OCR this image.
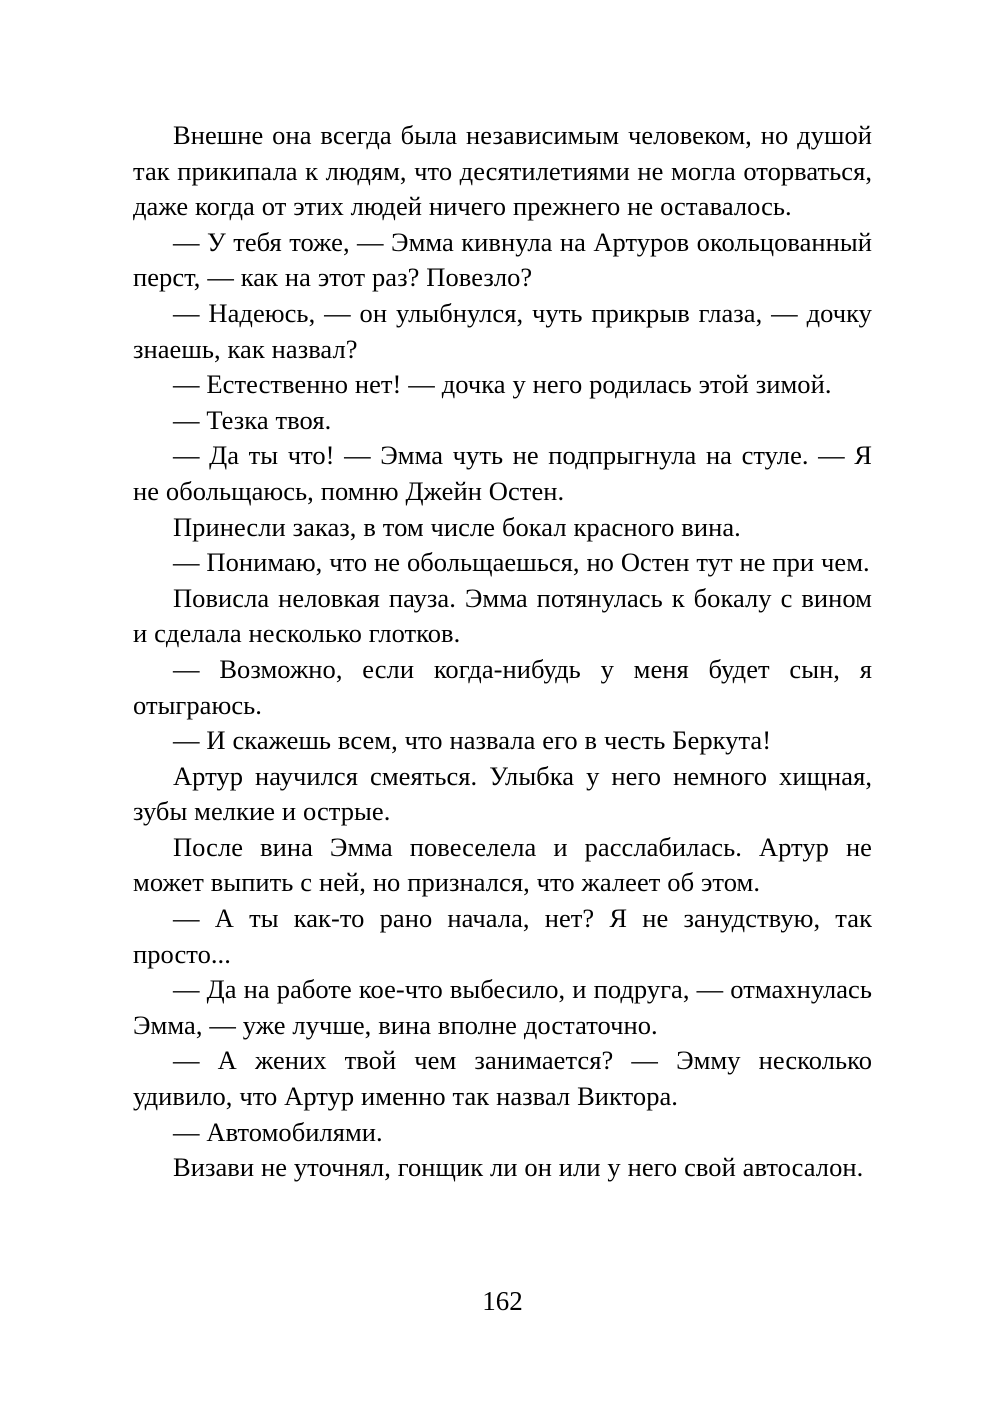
Внешне она всегда была независимым человеком, но душой так прикипала к людям, что десятилетиями не могла оторваться, даже когда от этих людей ничего прежнего не оставалось.

— У тебя тоже, — Эмма кивнула на Артуров окольцованный перст, — как на этот раз? Повезло?

— Надеюсь, — он улыбнулся, чуть прикрыв глаза, — дочку знаешь, как назвал?

— Естественно нет! — дочка у него родилась этой зимой.

— Тезка твоя.

— Да ты что! — Эмма чуть не подпрыгнула на стуле. — Я не обольщаюсь, помню Джейн Остен.

Принесли заказ, в том числе бокал красного вина.

— Понимаю, что не обольщаешься, но Остен тут не при чем.

Повисла неловкая пауза. Эмма потянулась к бокалу с вином и сделала несколько глотков.

— Возможно, если когда-нибудь у меня будет сын, я отыграюсь.

— И скажешь всем, что назвала его в честь Беркута!

Артур научился смеяться. Улыбка у него немного хищная, зубы мелкие и острые.

После вина Эмма повеселела и расслабилась. Артур не может выпить с ней, но признался, что жалеет об этом.

— А ты как-то рано начала, нет? Я не занудствую, так просто...

— Да на работе кое-что выбесило, и подруга, — отмахнулась Эмма, — уже лучше, вина вполне достаточно.

— А жених твой чем занимается? — Эмму несколько удивило, что Артур именно так назвал Виктора.

— Автомобилями.

Визави не уточнял, гонщик ли он или у него свой автосалон.

162
